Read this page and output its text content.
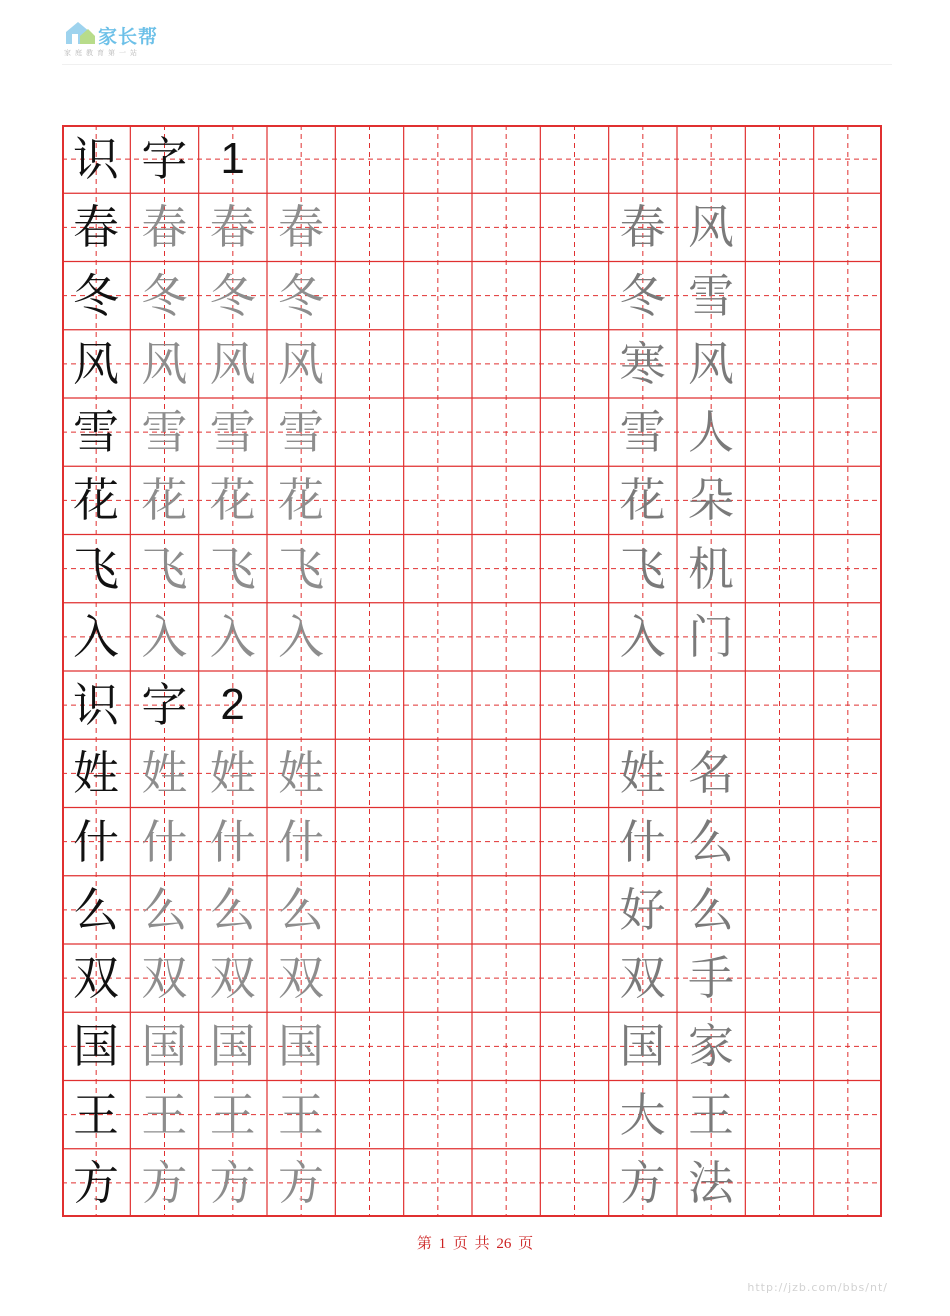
家长帮
家庭教育第一站
识 字 1
春 春 春 春	春 风
冬 冬 冬 冬	冬 雪
风 风 风 风	寒 风
雪 雪 雪 雪	雪 人
花 花 花 花	花 朵
飞 飞 飞 飞	飞 机
入 入 入 入	入 门
识 字 2
姓 姓 姓 姓	姓 名
什 什 什 什	什 么
么 么 么 么	好 么
双 双 双 双	双 手
国 国 国 国	国 家
王 王 王 王	大 王
方 方 方 方	方 法
第 1 页 共 26 页
http://jzb.com/bbs/nt/
